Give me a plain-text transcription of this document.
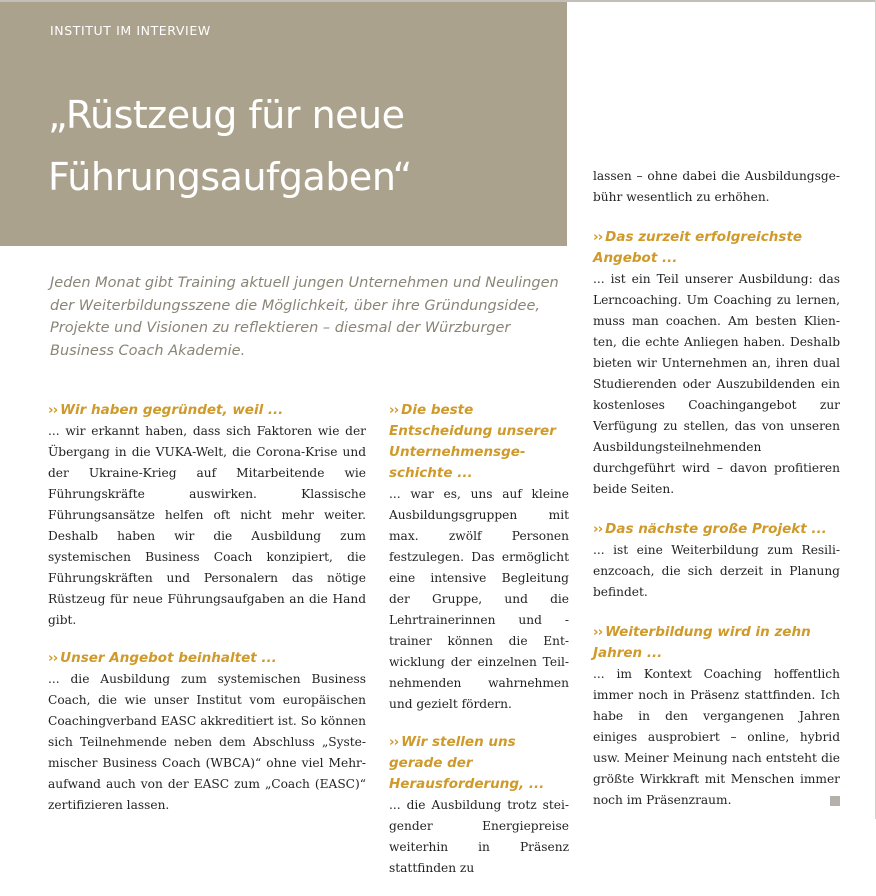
INSTITUT IM INTERVIEW
„Rüstzeug für neue
Führungsaufgaben“

Jeden Monat gibt Training aktuell jungen Unternehmen und Neulingen der Weiterbildungsszene die Möglichkeit, über ihre Gründungsidee, Projekte und Visionen zu reflektieren – diesmal der Würzburger Business Coach Akademie.

›› Wir haben gegründet, weil ...

... wir erkannt haben, dass sich Faktoren wie der Übergang in die VUKA-Welt, die Corona-Krise und der Ukraine-Krieg auf Mitarbeitende wie Führungskräfte auswirken. Klassische Führungsansätze helfen oft nicht mehr weiter. Deshalb haben wir die Ausbildung zum systemischen Business Coach konzipiert, die Führungskräften und Personalern das nötige Rüstzeug für neue Führungsaufgaben an die Hand gibt.

›› Unser Angebot beinhaltet ...

... die Ausbildung zum systemischen Business Coach, die wie unser Institut vom europäischen Coachingverband EASC akkreditiert ist. So können sich Teilnehmende neben dem Abschluss „Systemischer Business Coach (WBCA)“ ohne viel Mehraufwand auch von der EASC zum „Coach (EASC)“ zertifizieren lassen.

›› Die beste Entscheidung unserer Unternehmensgeschichte ...

... war es, uns auf kleine Ausbildungsgruppen mit max. zwölf Personen festzulegen. Das ermöglicht eine intensive Begleitung der Gruppe, und die Lehrtrainerinnen und -trainer können die Entwicklung der einzelnen Teilnehmenden wahrnehmen und gezielt fördern.

›› Wir stellen uns gerade der Herausforderung, ...

... die Ausbildung trotz steigender Energiepreise weiterhin in Präsenz stattfinden zu

lassen – ohne dabei die Ausbildungsgebühr wesentlich zu erhöhen.

›› Das zurzeit erfolgreichste Angebot ...

... ist ein Teil unserer Ausbildung: das Lerncoaching. Um Coaching zu lernen, muss man coachen. Am besten Klienten, die echte Anliegen haben. Deshalb bieten wir Unternehmen an, ihren dual Studierenden oder Auszubildenden ein kostenloses Coachingangebot zur Verfügung zu stellen, das von unseren Ausbildungsteilnehmenden durchgeführt wird – davon profitieren beide Seiten.

›› Das nächste große Projekt ...

... ist eine Weiterbildung zum Resilienzcoach, die sich derzeit in Planung befindet.

›› Weiterbildung wird in zehn Jahren ...

... im Kontext Coaching hoffentlich immer noch in Präsenz stattfinden. Ich habe in den vergangenen Jahren einiges ausprobiert – online, hybrid usw. Meiner Meinung nach entsteht die größte Wirkkraft mit Menschen immer noch im Präsenzraum.
